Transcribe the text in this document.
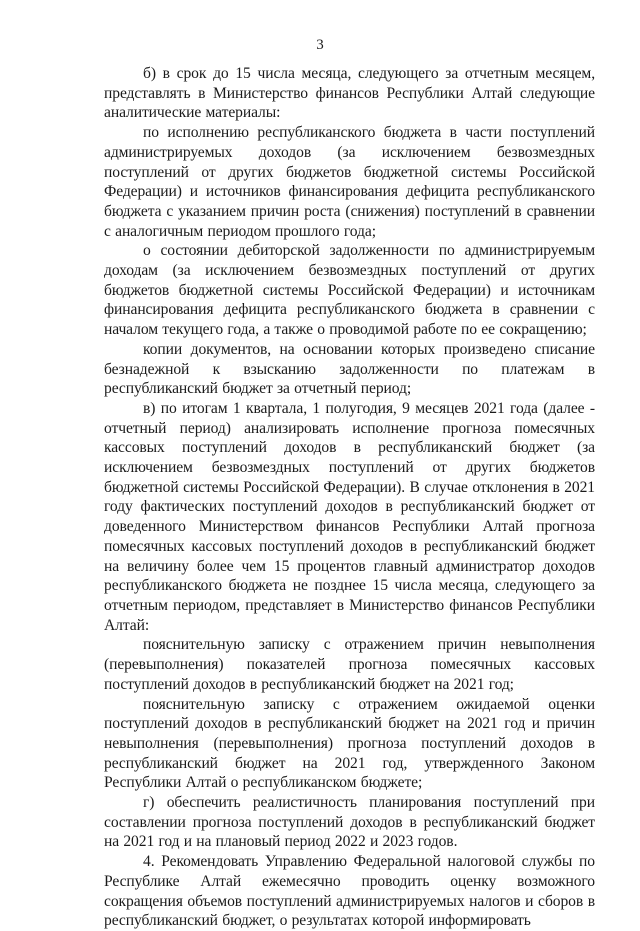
3

б) в срок до 15 числа месяца, следующего за отчетным месяцем, представлять в Министерство финансов Республики Алтай следующие аналитические материалы:

по исполнению республиканского бюджета в части поступлений администрируемых доходов (за исключением безвозмездных поступлений от других бюджетов бюджетной системы Российской Федерации) и источников финансирования дефицита республиканского бюджета с указанием причин роста (снижения) поступлений в сравнении с аналогичным периодом прошлого года;

о состоянии дебиторской задолженности по администрируемым доходам (за исключением безвозмездных поступлений от других бюджетов бюджетной системы Российской Федерации) и источникам финансирования дефицита республиканского бюджета в сравнении с началом текущего года, а также о проводимой работе по ее сокращению;

копии документов, на основании которых произведено списание безнадежной к взысканию задолженности по платежам в республиканский бюджет за отчетный период;

в) по итогам 1 квартала, 1 полугодия, 9 месяцев 2021 года (далее - отчетный период) анализировать исполнение прогноза помесячных кассовых поступлений доходов в республиканский бюджет (за исключением безвозмездных поступлений от других бюджетов бюджетной системы Российской Федерации). В случае отклонения в 2021 году фактических поступлений доходов в республиканский бюджет от доведенного Министерством финансов Республики Алтай прогноза помесячных кассовых поступлений доходов в республиканский бюджет на величину более чем 15 процентов главный администратор доходов республиканского бюджета не позднее 15 числа месяца, следующего за отчетным периодом, представляет в Министерство финансов Республики Алтай:

пояснительную записку с отражением причин невыполнения (перевыполнения) показателей прогноза помесячных кассовых поступлений доходов в республиканский бюджет на 2021 год;

пояснительную записку с отражением ожидаемой оценки поступлений доходов в республиканский бюджет на 2021 год и причин невыполнения (перевыполнения) прогноза поступлений доходов в республиканский бюджет на 2021 год, утвержденного Законом Республики Алтай о республиканском бюджете;

г) обеспечить реалистичность планирования поступлений при составлении прогноза поступлений доходов в республиканский бюджет на 2021 год и на плановый период 2022 и 2023 годов.

4. Рекомендовать Управлению Федеральной налоговой службы по Республике Алтай ежемесячно проводить оценку возможного сокращения объемов поступлений администрируемых налогов и сборов в республиканский бюджет, о результатах которой информировать
